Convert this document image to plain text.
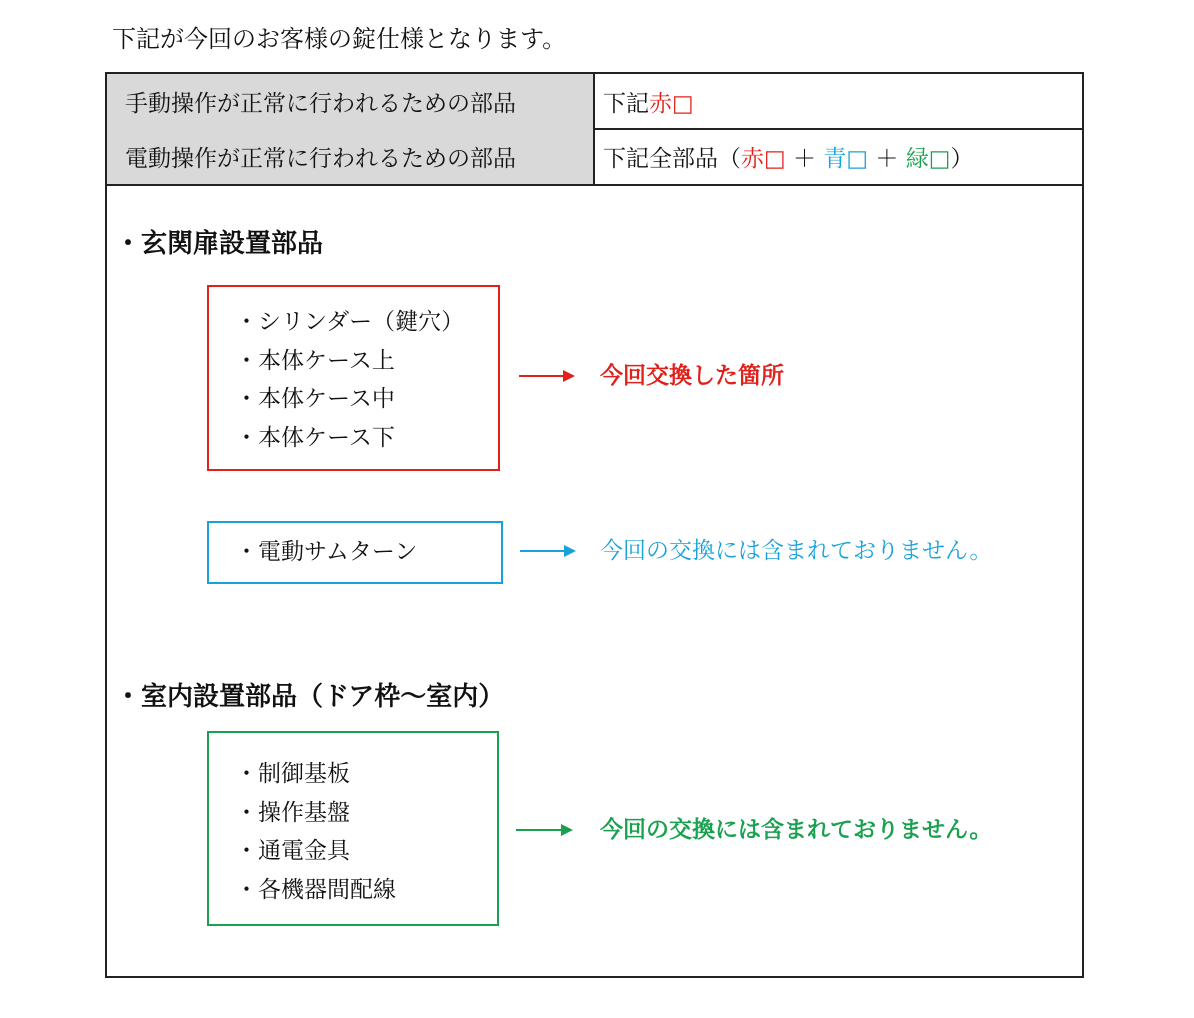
下記が今回のお客様の錠仕様となります。
手動操作が正常に行われるための部品	下記 赤□
電動操作が正常に行われるための部品	下記全部品（ 赤□ ＋ 青□ ＋ 緑□ ）
・玄関扉設置部品
・シリンダー（鍵穴）
・本体ケース上
・本体ケース中
・本体ケース下
今回交換した箇所
・電動サムターン	今回の交換には含まれておりません。
・室内設置部品（ドア枠～室内）
・制御基板
・操作基盤
・通電金具
・各機器間配線
今回の交換には含まれておりません。
